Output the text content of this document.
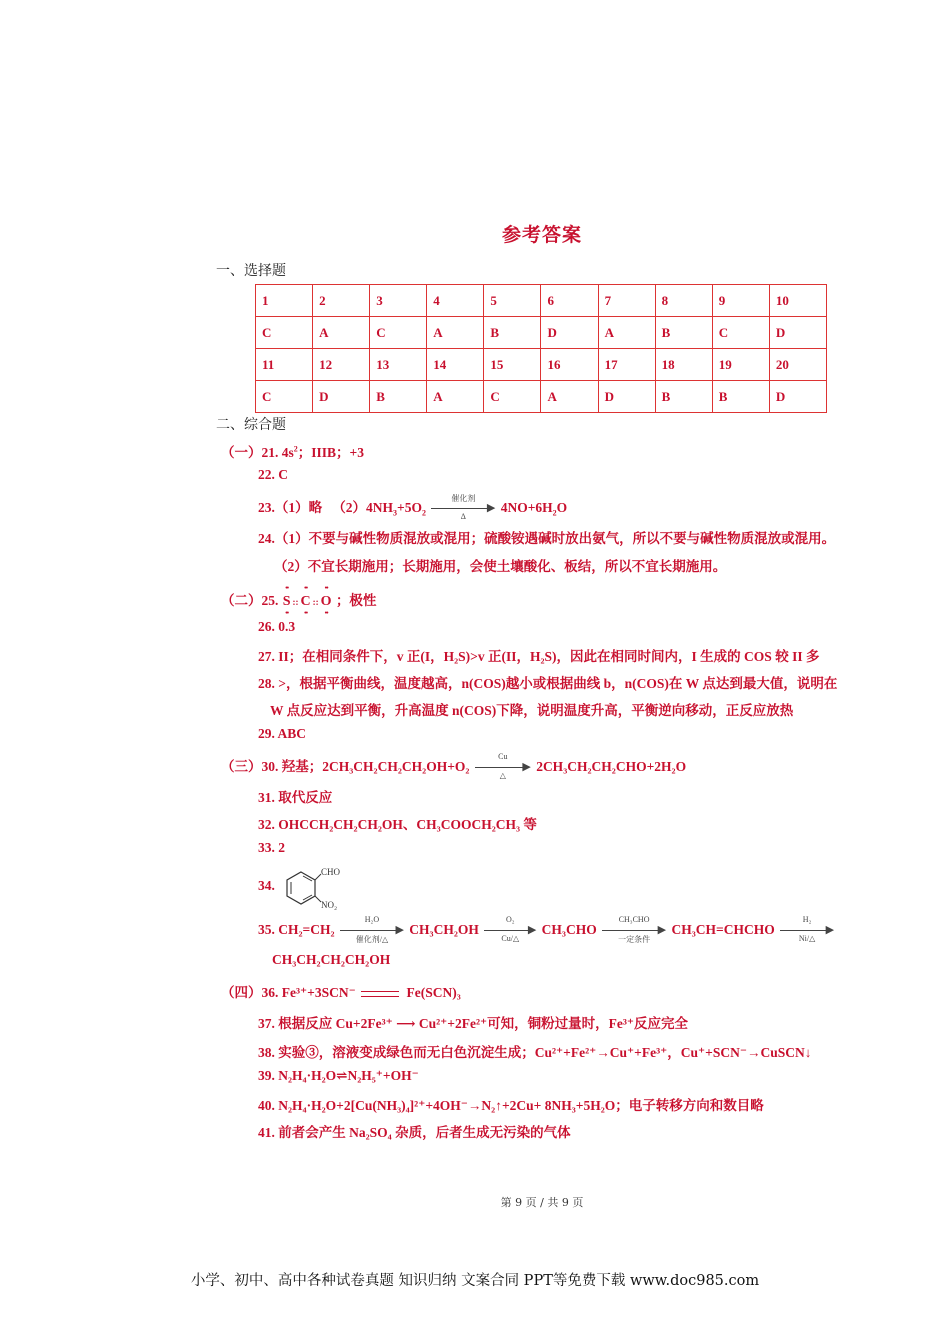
参考答案
一、选择题
1	2	3	4	5	6	7	8	9	10
C	A	C	A	B	D	A	B	C	D
11	12	13	14	15	16	17	18	19	20
C	D	B	A	C	A	D	B	B	D
二、综合题
（一）21. $4s^2$；IIIB；+3
22. C
23.（1）略 　$(2)4NH_3+5O_2$
催化剂
▶
Δ
$4NO+6H_2O$
24.（1）不要与碱性物质混放或混用；硫酸铵遇碱时放出氨气，所以不要与碱性物质混放或混用。
（2）不宜长期施用；长期施用，会使土壤酸化、板结，所以不宜长期施用。
（二）25. •• S •• :: •• C •• :: •• O •• ；极性
26. 0.3
27. II；在相同条件下，v 正(I，H₂S)>v 正(II，H₂S)，因此在相同时间内，I 生成的 COS 较 II 多
28. >，根据平衡曲线，温度越高，n(COS)越小或根据曲线 b，n(COS)在 W 点达到最大值，说明在
W 点反应达到平衡，升高温度 n(COS)下降，说明温度升高，平衡逆向移动，正反应放热
29. ABC
（三）30. 羟基；2CH₃CH₂CH₂CH₂OH+O₂
Cu
▶
△
2CH₃CH₂CH₂CHO+2H₂O
31. 取代反应
32. OHCCH₂CH₂CH₂OH、CH₃COOCH₂CH₃ 等
33. 2
34.
CHO
NO₂
35. CH₂=CH₂
H₂O
▶
催化剂/△
CH₃CH₂OH
O₂
▶
Cu/△
CH₃CHO
CH₃CHO
▶
一定条件
CH₃CH=CHCHO
H₂
▶
Ni/△
CH₃CH₂CH₂CH₂OH
（四）36. Fe³⁺+3SCN⁻	Fe(SCN)₃
37. 根据反应 Cu+2Fe³⁺ ⟶ Cu²⁺+2Fe²⁺可知，铜粉过量时，Fe³⁺反应完全
38. 实验③，溶液变成绿色而无白色沉淀生成；Cu²⁺+Fe²⁺→Cu⁺+Fe³⁺，Cu⁺+SCN⁻→CuSCN↓
39. N₂H₄·H₂O⇌N₂H₅⁺+OH⁻
40. N₂H₄·H₂O+2[Cu(NH₃)₄]²⁺+4OH⁻→N₂↑+2Cu+ 8NH₃+5H₂O；电子转移方向和数目略
41. 前者会产生 Na₂SO₄ 杂质，后者生成无污染的气体
第 9 页 / 共 9 页
小学、初中、高中各种试卷真题 知识归纳 文案合同 PPT等免费下载 www.doc985.com
